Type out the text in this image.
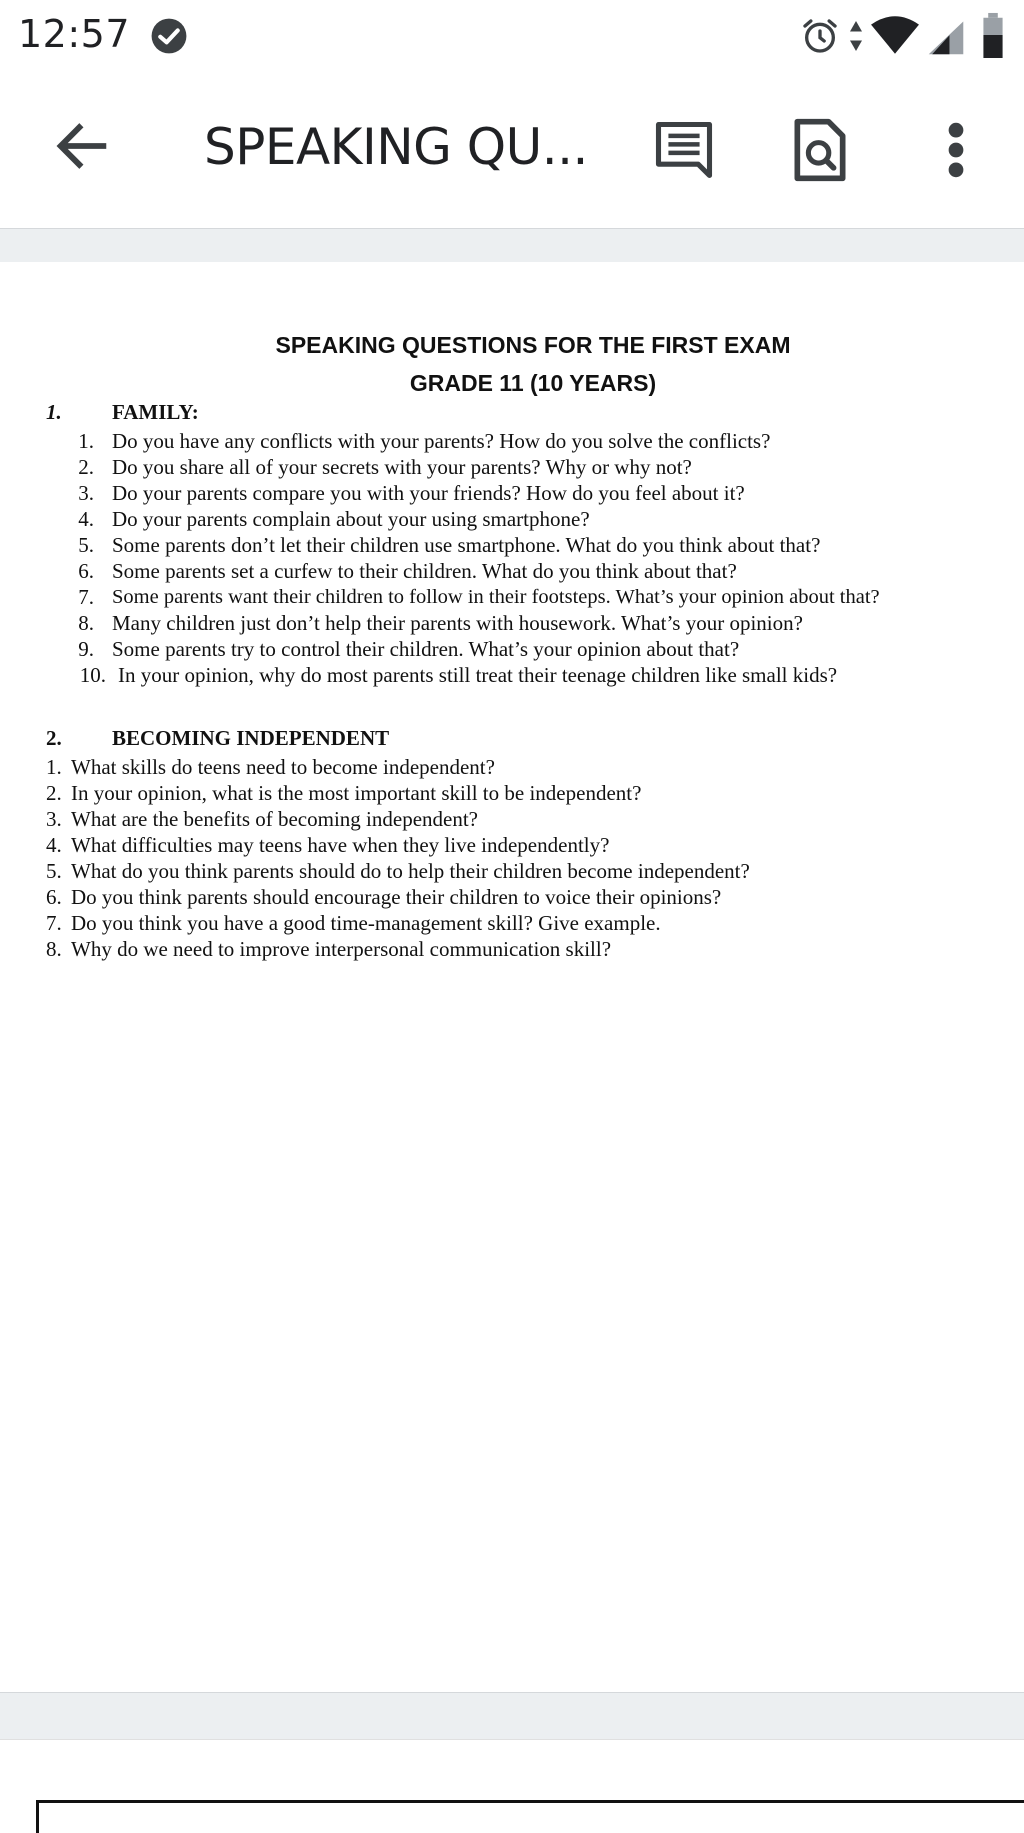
12:57
SPEAKING QU...
SPEAKING QUESTIONS FOR THE FIRST EXAM
GRADE 11 (10 YEARS)
1. FAMILY:
1. Do you have any conflicts with your parents? How do you solve the conflicts?
2. Do you share all of your secrets with your parents? Why or why not?
3. Do your parents compare you with your friends? How do you feel about it?
4. Do your parents complain about your using smartphone?
5. Some parents don’t let their children use smartphone. What do you think about that?
6. Some parents set a curfew to their children. What do you think about that?
7. Some parents want their children to follow in their footsteps. What’s your opinion about that?
8. Many children just don’t help their parents with housework. What’s your opinion?
9. Some parents try to control their children. What’s your opinion about that?
10. In your opinion, why do most parents still treat their teenage children like small kids?
2. BECOMING INDEPENDENT
1. What skills do teens need to become independent?
2. In your opinion, what is the most important skill to be independent?
3. What are the benefits of becoming independent?
4. What difficulties may teens have when they live independently?
5. What do you think parents should do to help their children become independent?
6. Do you think parents should encourage their children to voice their opinions?
7. Do you think you have a good time-management skill? Give example.
8. Why do we need to improve interpersonal communication skill?
